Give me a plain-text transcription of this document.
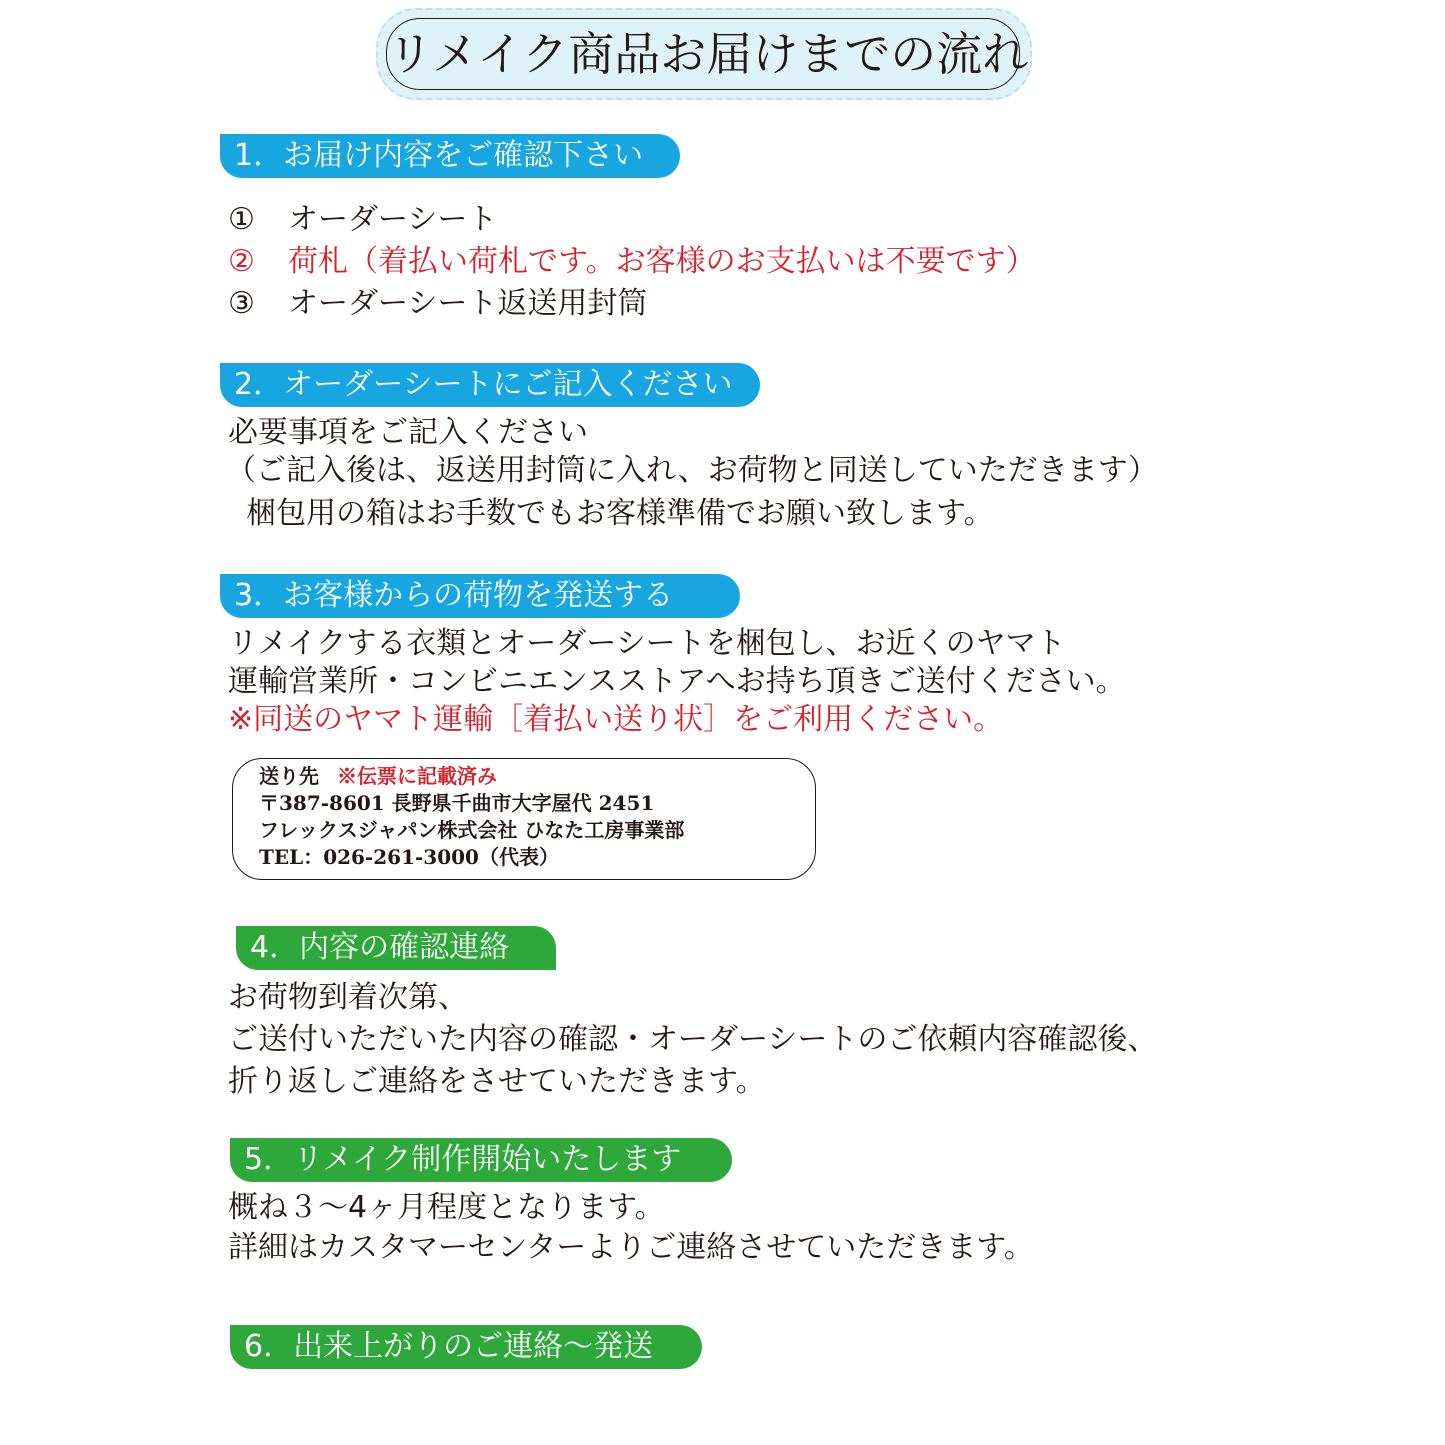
リメイク商品お届けまでの流れ
1．お届け内容をご確認下さい
① オーダーシート
② 荷札（着払い荷札です。お客様のお支払いは不要です）
③ オーダーシート返送用封筒
2．オーダーシートにご記入ください
必要事項をご記入ください
（ご記入後は、返送用封筒に入れ、お荷物と同送していただきます）
梱包用の箱はお手数でもお客様準備でお願い致します。
3．お客様からの荷物を発送する
リメイクする衣類とオーダーシートを梱包し、お近くのヤマト
運輸営業所・コンビニエンスストアへお持ち頂きご送付ください。
※同送のヤマト運輸［着払い送り状］をご利用ください。
送り先 ※伝票に記載済み
〒387-8601 長野県千曲市大字屋代 2451
フレックスジャパン株式会社 ひなた工房事業部
TEL：026-261-3000（代表）
4．内容の確認連絡
お荷物到着次第、
ご送付いただいた内容の確認・オーダーシートのご依頼内容確認後、
折り返しご連絡をさせていただきます。
5．リメイク制作開始いたします
概ね３～4ヶ月程度となります。
詳細はカスタマーセンターよりご連絡させていただきます。
6．出来上がりのご連絡～発送
